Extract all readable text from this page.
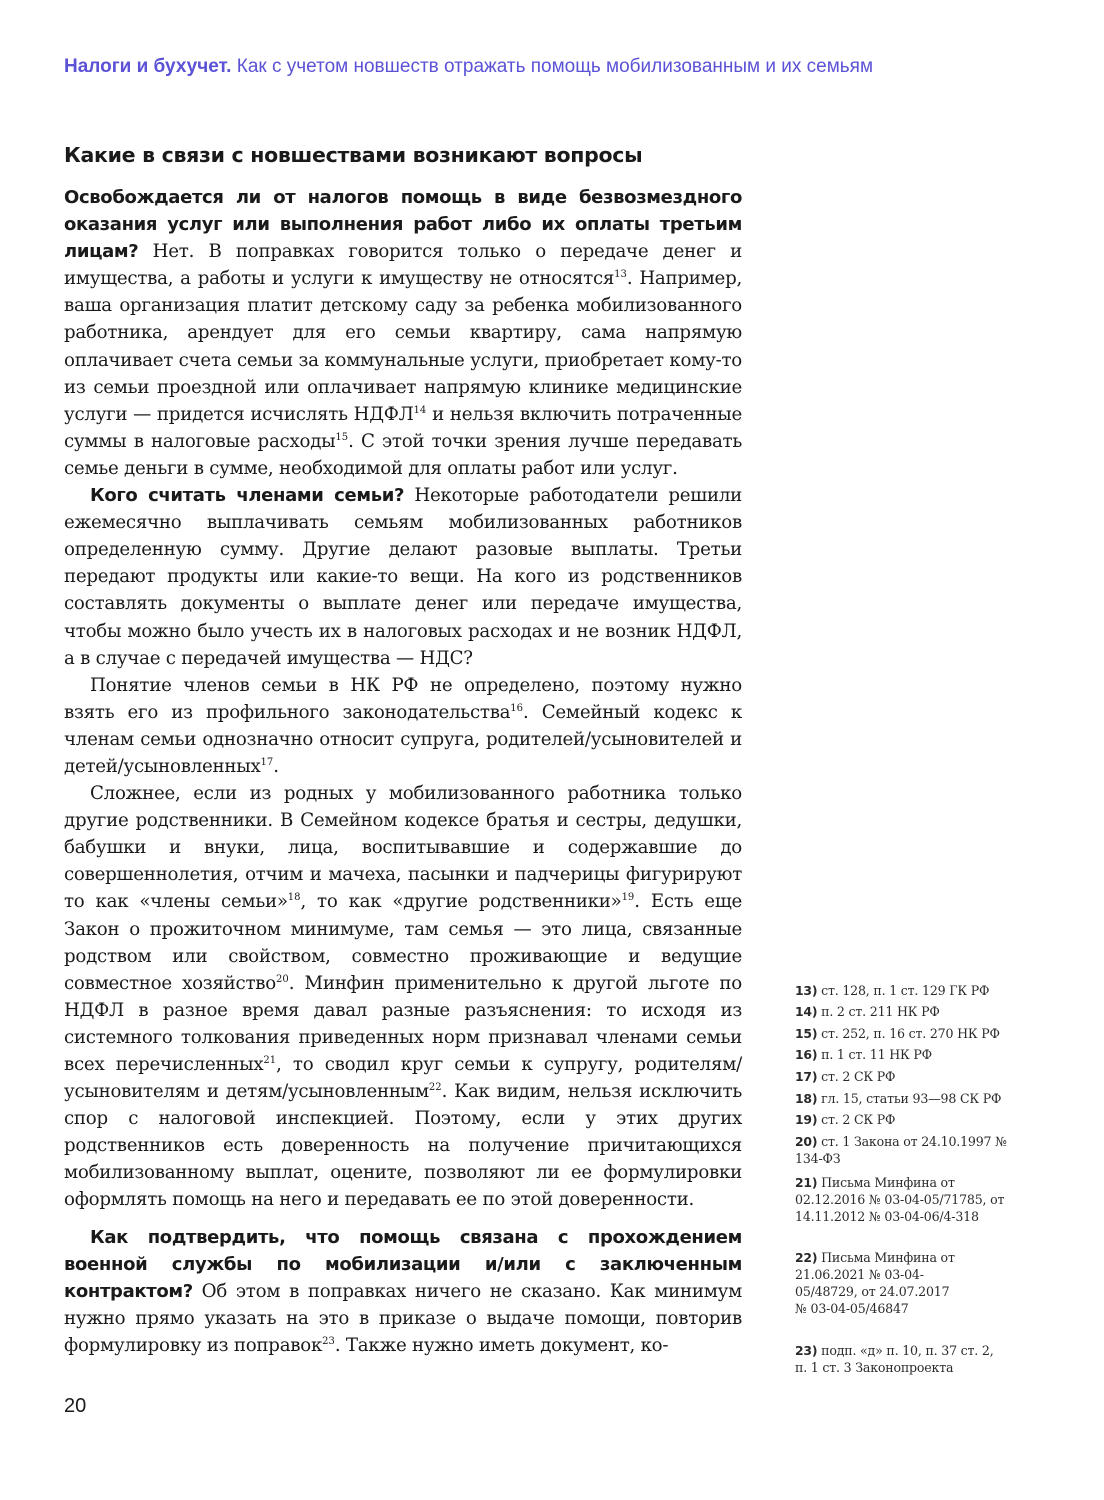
Налоги и бухучет. Как с учетом новшеств отражать помощь мобилизованным и их семьям
Какие в связи с новшествами возникают вопросы

Освобождается ли от налогов помощь в виде безвозмездного оказания услуг или выполнения работ либо их оплаты третьим лицам? Нет. В поправках говорится только о передаче денег и имущества, а работы и услуги к имуществу не относятся$^{13}$. Например, ваша организация платит детскому саду за ребенка мобилизованного работника, арендует для его семьи квартиру, сама напрямую оплачивает счета семьи за коммунальные услуги, приобретает кому-то из семьи проездной или оплачивает напрямую клинике медицинские услуги — придется исчислять НДФЛ$^{14}$ и нельзя включить потраченные суммы в налоговые расходы$^{15}$. С этой точки зрения лучше передавать семье деньги в сумме, необходимой для оплаты работ или услуг.

Кого считать членами семьи? Некоторые работодатели решили ежемесячно выплачивать семьям мобилизованных работников определенную сумму. Другие делают разовые выплаты. Третьи передают продукты или какие-то вещи. На кого из родственников составлять документы о выплате денег или передаче имущества, чтобы можно было учесть их в налоговых расходах и не возник НДФЛ, а в случае с передачей имущества — НДС?

Понятие членов семьи в НК РФ не определено, поэтому нужно взять его из профильного законодательства$^{16}$. Семейный кодекс к членам семьи однозначно относит супруга, родителей/усыновителей и детей/усыновленных$^{17}$.

Сложнее, если из родных у мобилизованного работника только другие родственники. В Семейном кодексе братья и сестры, дедушки, бабушки и внуки, лица, воспитывавшие и содержавшие до совершеннолетия, отчим и мачеха, пасынки и падчерицы фигурируют то как «члены семьи»$^{18}$, то как «другие родственники»$^{19}$. Есть еще Закон о прожиточном минимуме, там семья — это лица, связанные родством или свойством, совместно проживающие и ведущие совместное хозяйство$^{20}$. Минфин применительно к другой льготе по НДФЛ в разное время давал разные разъяснения: то исходя из системного толкования приведенных норм признавал членами семьи всех перечисленных$^{21}$, то сводил круг семьи к супругу, родителям/усыновителям и детям/усыновленным$^{22}$. Как видим, нельзя исключить спор с налоговой инспекцией. Поэтому, если у этих других родственников есть доверенность на получение причитающихся мобилизованному выплат, оцените, позволяют ли ее формулировки оформлять помощь на него и передавать ее по этой доверенности.

Как подтвердить, что помощь связана с прохождением военной службы по мобилизации и/или с заключенным контрактом? Об этом в поправках ничего не сказано. Как минимум нужно прямо указать на это в приказе о выдаче помощи, повторив формулировку из поправок$^{23}$. Также нужно иметь документ, ко-

13) ст. 128, п. 1 ст. 129 ГК РФ
14) п. 2 ст. 211 НК РФ
15) ст. 252, п. 16 ст. 270 НК РФ
16) п. 1 ст. 11 НК РФ
17) ст. 2 СК РФ
18) гл. 15, статьи 93—98 СК РФ
19) ст. 2 СК РФ
20) ст. 1 Закона от 24.10.1997 № 134-ФЗ
21) Письма Минфина от 02.12.2016 № 03-04-05/71785, от 14.11.2012 № 03-04-06/4-318
22) Письма Минфина от 21.06.2021 № 03-04-05/48729, от 24.07.2017 № 03-04-05/46847
23) подп. «д» п. 10, п. 37 ст. 2, п. 1 ст. 3 Законопроекта
20
